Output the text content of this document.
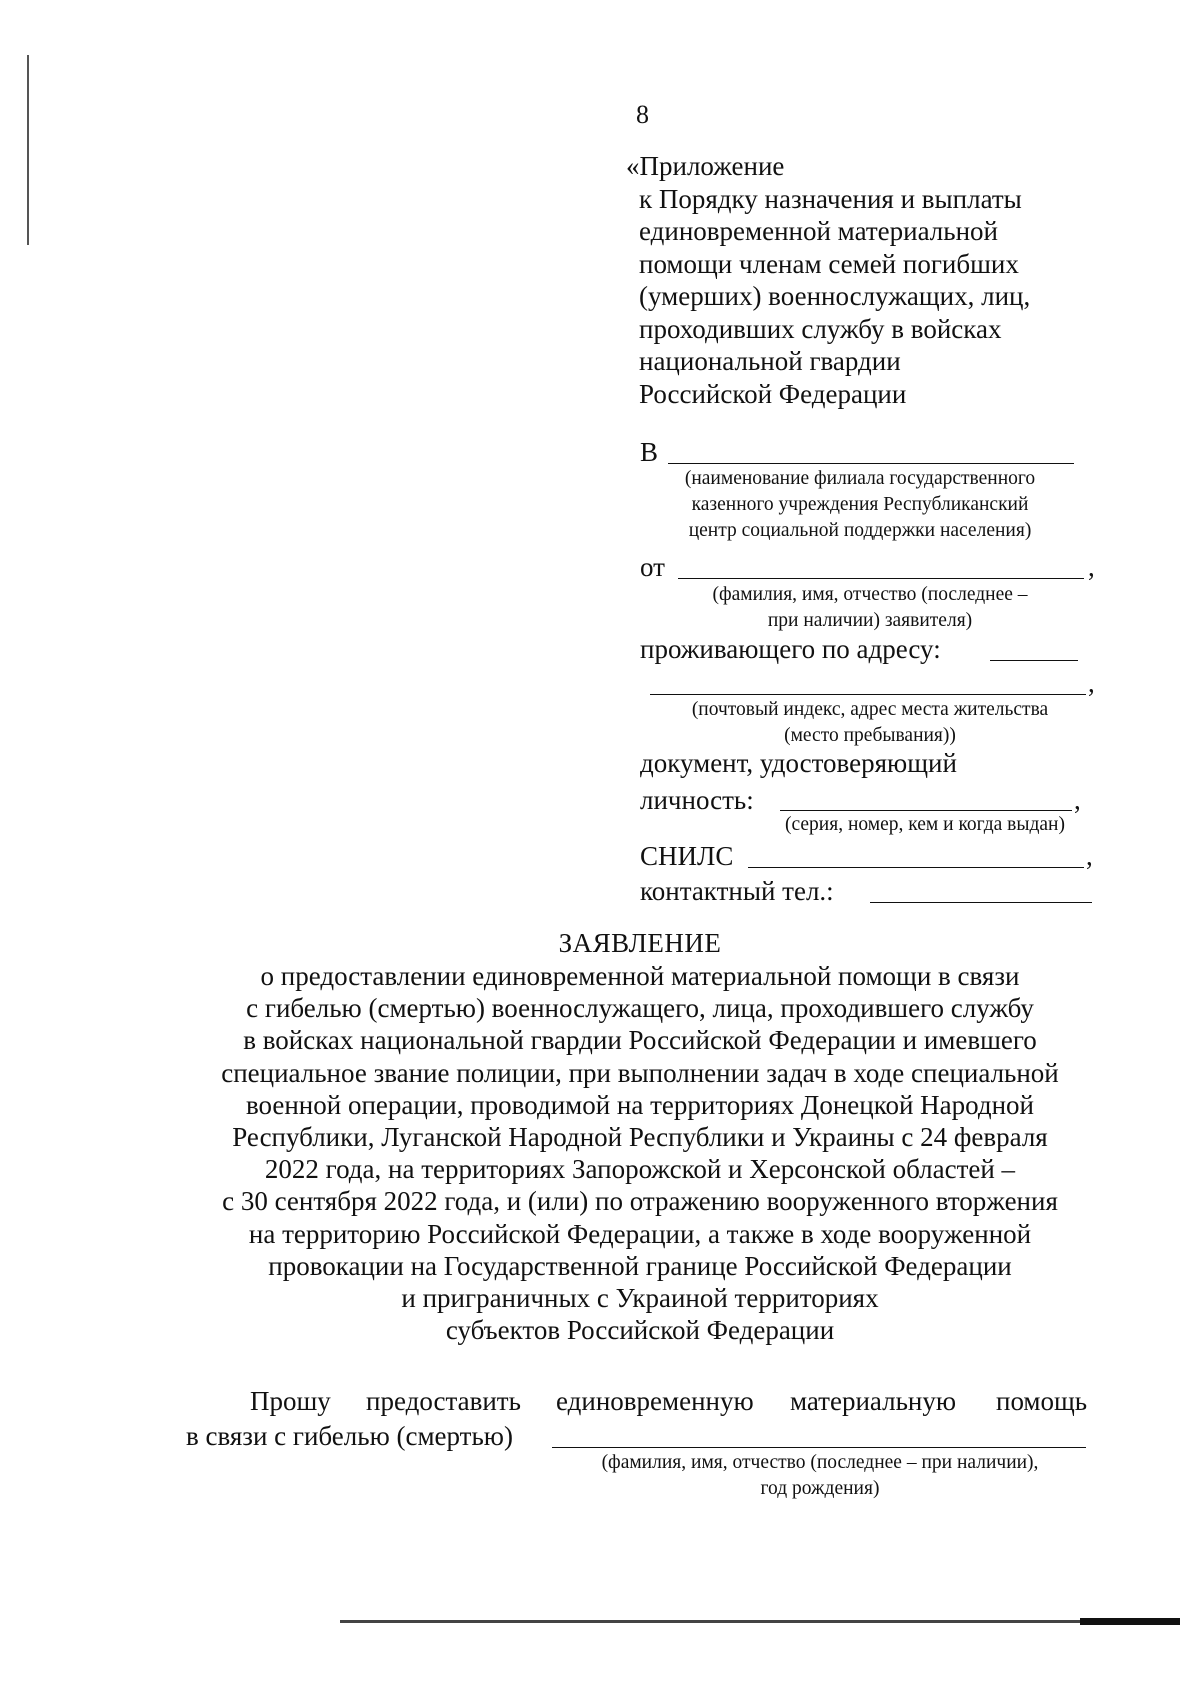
8
«Приложение
к Порядку назначения и выплаты
единовременной материальной
помощи членам семей погибших
(умерших) военнослужащих, лиц,
проходивших службу в войсках
национальной гвардии
Российской Федерации
В
(наименование филиала государственного
казенного учреждения Республиканский
центр социальной поддержки населения)
от	,
(фамилия, имя, отчество (последнее –
при наличии) заявителя)
проживающего по адресу:
,
(почтовый индекс, адрес места жительства
(место пребывания))
документ, удостоверяющий
личность:	,
(серия, номер, кем и когда выдан)
СНИЛС	,
контактный тел.:
ЗАЯВЛЕНИЕ
о предоставлении единовременной материальной помощи в связи
с гибелью (смертью) военнослужащего, лица, проходившего службу
в войсках национальной гвардии Российской Федерации и имевшего
специальное звание полиции, при выполнении задач в ходе специальной
военной операции, проводимой на территориях Донецкой Народной
Республики, Луганской Народной Республики и Украины с 24 февраля
2022 года, на территориях Запорожской и Херсонской областей –
с 30 сентября 2022 года, и (или) по отражению вооруженного вторжения
на территорию Российской Федерации, а также в ходе вооруженной
провокации на Государственной границе Российской Федерации
и приграничных с Украиной территориях
субъектов Российской Федерации
Прошу предоставить единовременную материальную помощь
в связи с гибелью (смертью)
(фамилия, имя, отчество (последнее – при наличии),
год рождения)
